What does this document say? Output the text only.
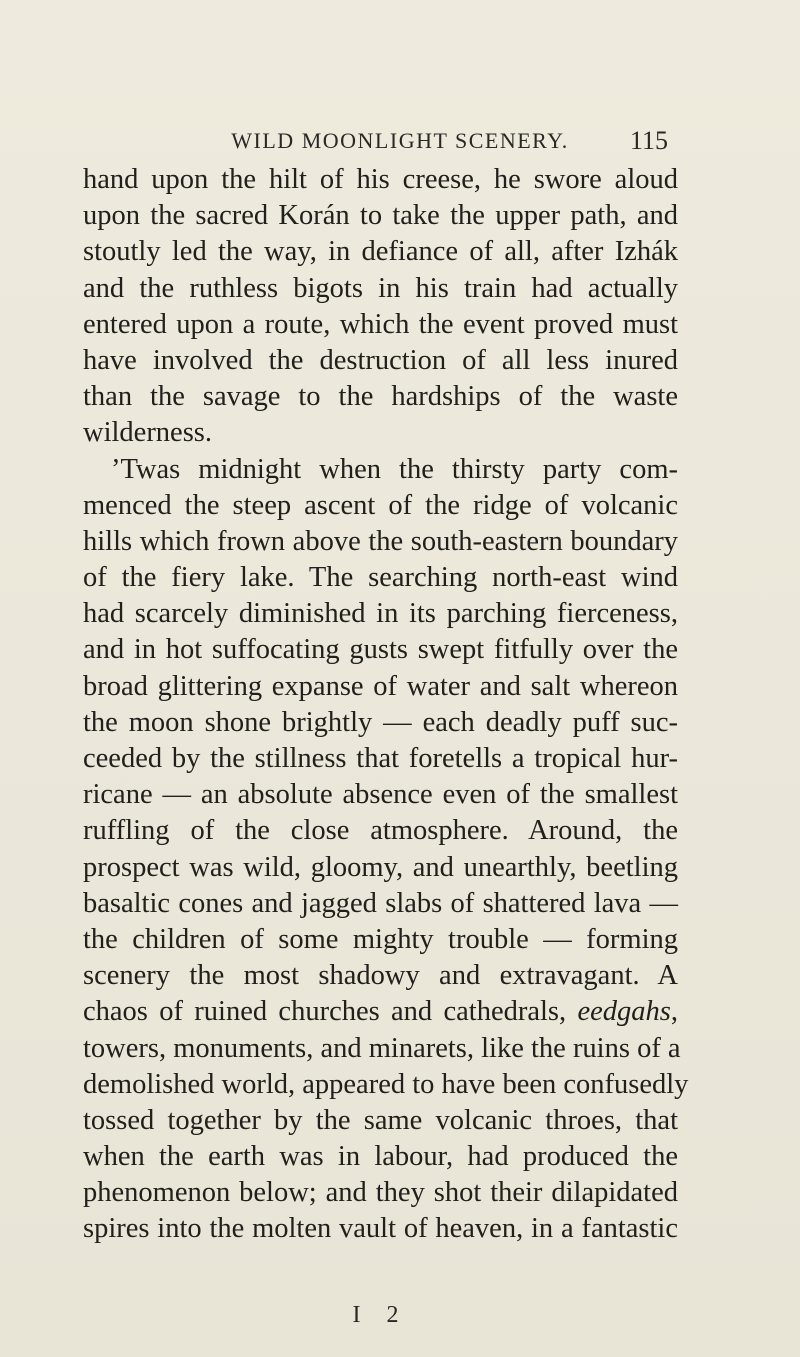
WILD MOONLIGHT SCENERY.	115
hand upon the hilt of his creese, he swore aloud
upon the sacred Korán to take the upper path, and
stoutly led the way, in defiance of all, after Izhák
and the ruthless bigots in his train had actually
entered upon a route, which the event proved must
have involved the destruction of all less inured
than the savage to the hardships of the waste
wilderness.
’Twas midnight when the thirsty party com-
menced the steep ascent of the ridge of volcanic
hills which frown above the south-eastern boundary
of the fiery lake. The searching north-east wind
had scarcely diminished in its parching fierceness,
and in hot suffocating gusts swept fitfully over the
broad glittering expanse of water and salt whereon
the moon shone brightly — each deadly puff suc-
ceeded by the stillness that foretells a tropical hur-
ricane — an absolute absence even of the smallest
ruffling of the close atmosphere. Around, the
prospect was wild, gloomy, and unearthly, beetling
basaltic cones and jagged slabs of shattered lava —
the children of some mighty trouble — forming
scenery the most shadowy and extravagant. A
chaos of ruined churches and cathedrals, eedgahs,
towers, monuments, and minarets, like the ruins of a
demolished world, appeared to have been confusedly
tossed together by the same volcanic throes, that
when the earth was in labour, had produced the
phenomenon below; and they shot their dilapidated
spires into the molten vault of heaven, in a fantastic
I 2
